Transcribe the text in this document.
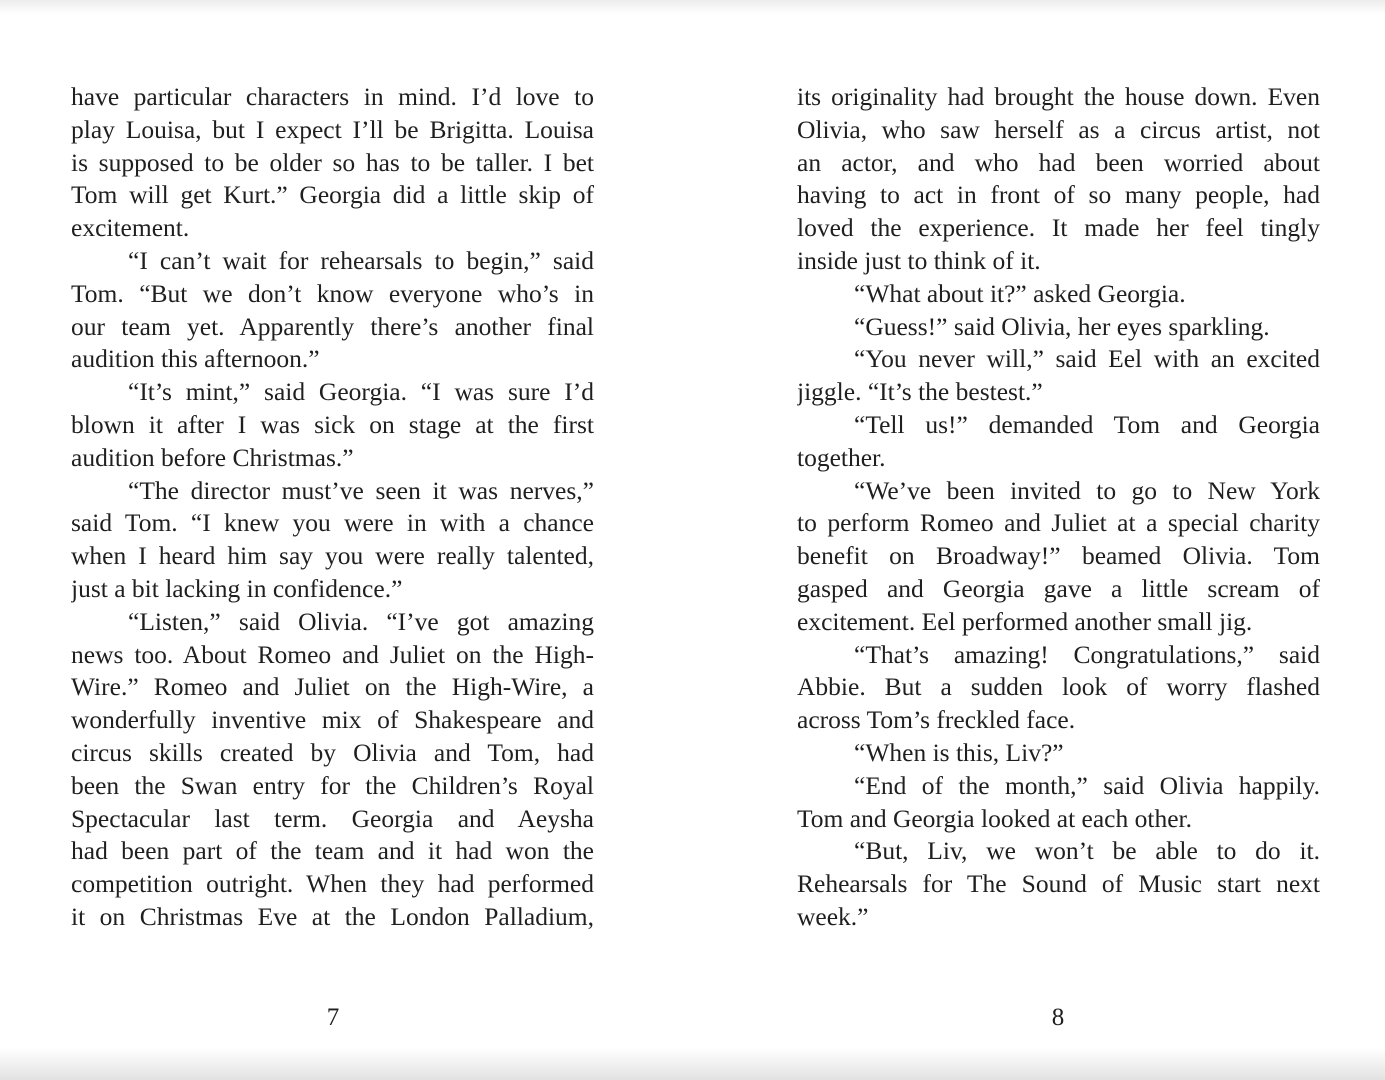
have particular characters in mind. I’d love to
play Louisa, but I expect I’ll be Brigitta. Louisa
is supposed to be older so has to be taller. I bet
Tom will get Kurt.” Georgia did a little skip of
excitement.
“I can’t wait for rehearsals to begin,” said
Tom. “But we don’t know everyone who’s in
our team yet. Apparently there’s another final
audition this afternoon.”
“It’s mint,” said Georgia. “I was sure I’d
blown it after I was sick on stage at the first
audition before Christmas.”
“The director must’ve seen it was nerves,”
said Tom. “I knew you were in with a chance
when I heard him say you were really talented,
just a bit lacking in confidence.”
“Listen,” said Olivia. “I’ve got amazing
news too. About Romeo and Juliet on the High-
Wire.” Romeo and Juliet on the High-Wire, a
wonderfully inventive mix of Shakespeare and
circus skills created by Olivia and Tom, had
been the Swan entry for the Children’s Royal
Spectacular last term. Georgia and Aeysha
had been part of the team and it had won the
competition outright. When they had performed
it on Christmas Eve at the London Palladium,
its originality had brought the house down. Even
Olivia, who saw herself as a circus artist, not
an actor, and who had been worried about
having to act in front of so many people, had
loved the experience. It made her feel tingly
inside just to think of it.
“What about it?” asked Georgia.
“Guess!” said Olivia, her eyes sparkling.
“You never will,” said Eel with an excited
jiggle. “It’s the bestest.”
“Tell us!” demanded Tom and Georgia
together.
“We’ve been invited to go to New York
to perform Romeo and Juliet at a special charity
benefit on Broadway!” beamed Olivia. Tom
gasped and Georgia gave a little scream of
excitement. Eel performed another small jig.
“That’s amazing! Congratulations,” said
Abbie. But a sudden look of worry flashed
across Tom’s freckled face.
“When is this, Liv?”
“End of the month,” said Olivia happily.
Tom and Georgia looked at each other.
“But, Liv, we won’t be able to do it.
Rehearsals for The Sound of Music start next
week.”
7	8
